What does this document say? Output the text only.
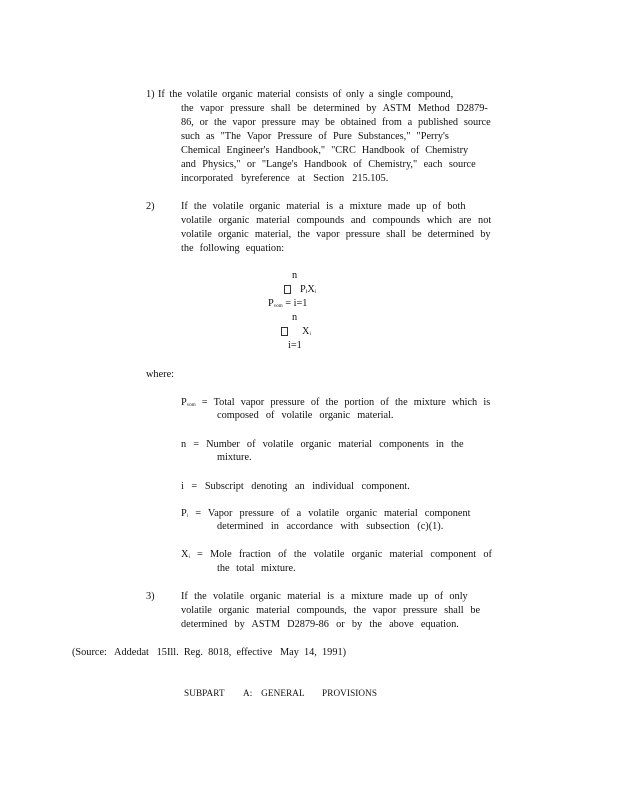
1) If the volatile organic material consists of only a single compound,
the vapor pressure shall be determined by ASTM Method D2879-
86, or the vapor pressure may be obtained from a published source
such as "The Vapor Pressure of Pure Substances," "Perry's
Chemical Engineer's Handbook," "CRC Handbook of Chemistry
and Physics," or "Lange's Handbook of Chemistry," each source
incorporated byreference at Section 215.105.
2)	If the volatile organic material is a mixture made up of both
volatile organic material compounds and compounds which are not
volatile organic material, the vapor pressure shall be determined by
the following equation:
n
PiXi
Pvom = i=1
n
Xi
i=1
where:
Pvom = Total vapor pressure of the portion of the mixture which is
composed of volatile organic material.
n = Number of volatile organic material components in the
mixture.
i = Subscript denoting an individual component.
Pi = Vapor pressure of a volatile organic material component
determined in accordance with subsection (c)(1).
Xi = Mole fraction of the volatile organic material component of
the total mixture.
3)	If the volatile organic material is a mixture made up of only
volatile organic material compounds, the vapor pressure shall be
determined by ASTM D2879-86 or by the above equation.
(Source:   Addedat   15Ill.  Reg.  8018,  effective   May  14,  1991)
SUBPART A:  GENERAL PROVISIONS
